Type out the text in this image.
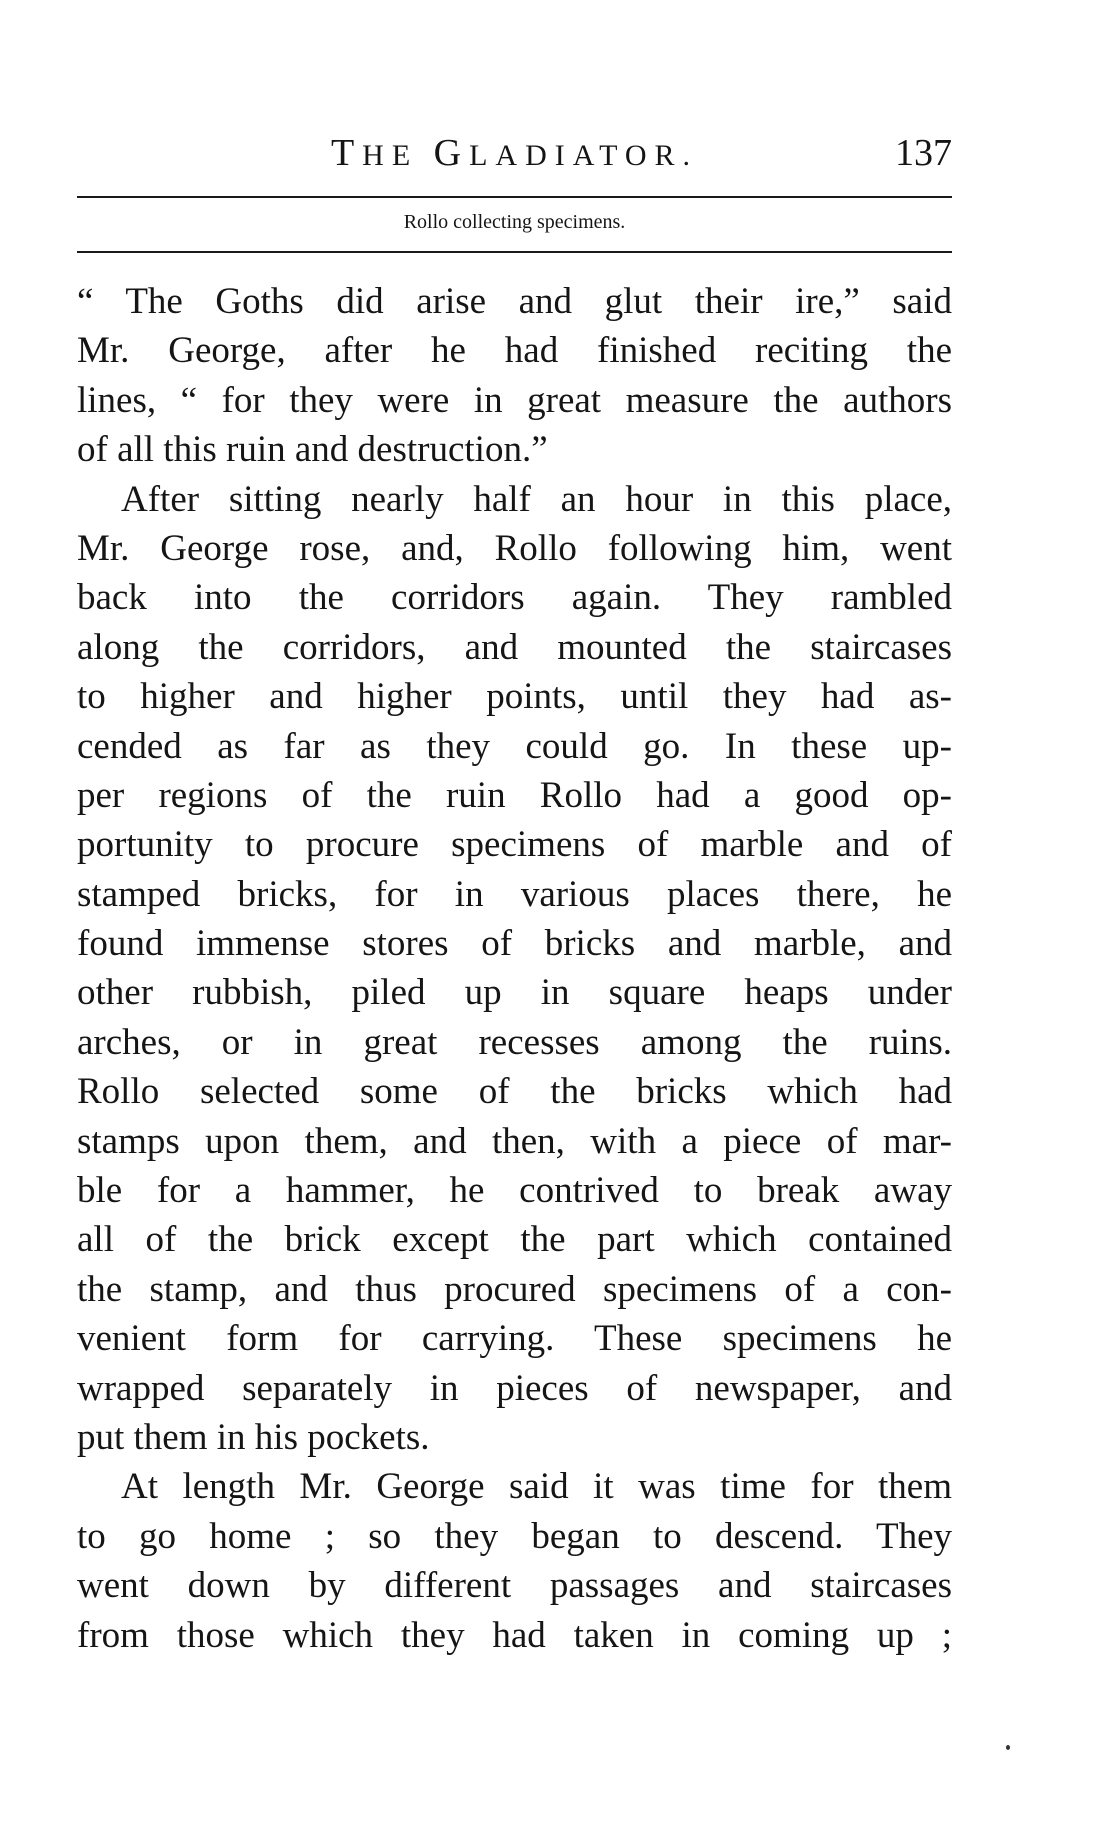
THE GLADIATOR.	137
Rollo collecting specimens.
“ The Goths did arise and glut their ire,” said
Mr. George, after he had finished reciting the
lines, “ for they were in great measure the authors
of all this ruin and destruction.”
After sitting nearly half an hour in this place,
Mr. George rose, and, Rollo following him, went
back into the corridors again. They rambled
along the corridors, and mounted the staircases
to higher and higher points, until they had as-
cended as far as they could go. In these up-
per regions of the ruin Rollo had a good op-
portunity to procure specimens of marble and of
stamped bricks, for in various places there, he
found immense stores of bricks and marble, and
other rubbish, piled up in square heaps under
arches, or in great recesses among the ruins.
Rollo selected some of the bricks which had
stamps upon them, and then, with a piece of mar-
ble for a hammer, he contrived to break away
all of the brick except the part which contained
the stamp, and thus procured specimens of a con-
venient form for carrying. These specimens he
wrapped separately in pieces of newspaper, and
put them in his pockets.
At length Mr. George said it was time for them
to go home ; so they began to descend. They
went down by different passages and staircases
from those which they had taken in coming up ;
